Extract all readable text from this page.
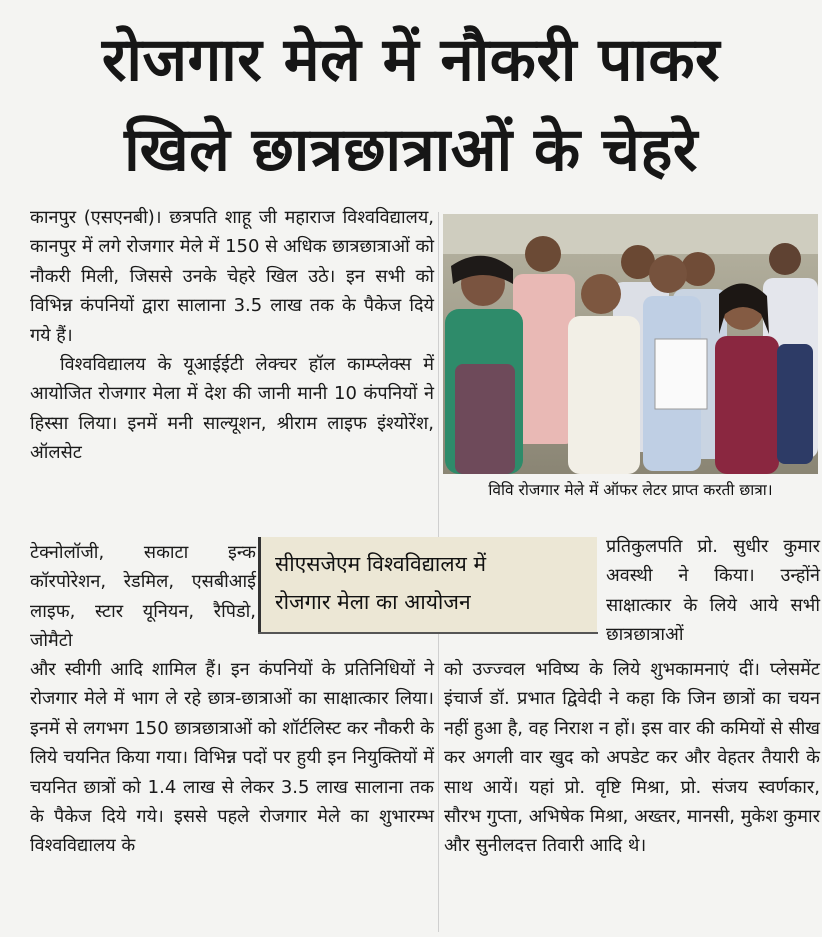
रोजगार मेले में नौकरी पाकर
खिले छात्रछात्राओं के चेहरे

कानपुर (एसएनबी)। छत्रपति शाहू जी महाराज विश्वविद्यालय, कानपुर में लगे रोजगार मेले में 150 से अधिक छात्रछात्राओं को नौकरी मिली, जिससे उनके चेहरे खिल उठे। इन सभी को विभिन्न कंपनियों द्वारा सालाना 3.5 लाख तक के पैकेज दिये गये हैं।

विश्वविद्यालय के यूआईईटी लेक्चर हॉल काम्प्लेक्स में आयोजित रोजगार मेला में देश की जानी मानी 10 कंपनियों ने हिस्सा लिया। इनमें मनी साल्यूशन, श्रीराम लाइफ इंश्योरेंश, ऑलसेट

टेक्नोलॉजी, सकाटा इन्क कॉरपोरेशन, रेडमिल, एसबीआई लाइफ, स्टार यूनियन, रैपिडो, जोमैटो

और स्वीगी आदि शामिल हैं। इन कंपनियों के प्रतिनिधियों ने रोजगार मेले में भाग ले रहे छात्र-छात्राओं का साक्षात्कार लिया। इनमें से लगभग 150 छात्रछात्राओं को शॉर्टलिस्ट कर नौकरी के लिये चयनित किया गया। विभिन्न पदों पर हुयी इन नियुक्तियों में चयनित छात्रों को 1.4 लाख से लेकर 3.5 लाख सालाना तक के पैकेज दिये गये। इससे पहले रोजगार मेले का शुभारम्भ विश्वविद्यालय के

विवि रोजगार मेले में ऑफर लेटर प्राप्त करती छात्रा।
सीएसजेएम विश्वविद्यालय में
रोजगार मेला का आयोजन

प्रतिकुलपति प्रो. सुधीर कुमार अवस्थी ने किया। उन्होंने साक्षात्कार के लिये आये सभी छात्रछात्राओं

को उज्ज्वल भविष्य के लिये शुभकामनाएं दीं। प्लेसमेंट इंचार्ज डॉ. प्रभात द्विवेदी ने कहा कि जिन छात्रों का चयन नहीं हुआ है, वह निराश न हों। इस वार की कमियों से सीख कर अगली वार खुद को अपडेट कर और वेहतर तैयारी के साथ आयें। यहां प्रो. वृष्टि मिश्रा, प्रो. संजय स्वर्णकार, सौरभ गुप्ता, अभिषेक मिश्रा, अख्तर, मानसी, मुकेश कुमार और सुनीलदत्त तिवारी आदि थे।
